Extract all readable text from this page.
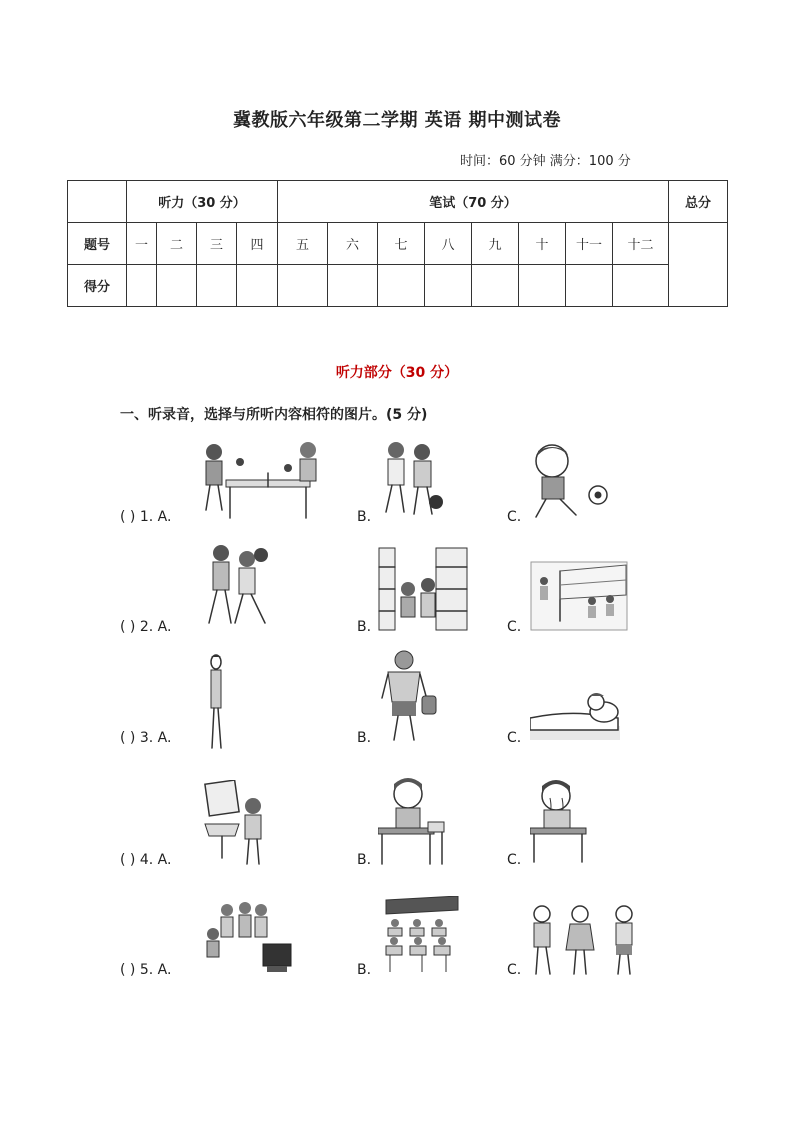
冀教版六年级第二学期 英语 期中测试卷
时间：60 分钟 满分：100 分
	听力（30 分）				笔试（70 分）								总分
题号	一	二	三	四	五	六	七	八	九	十	十一	十二	
得分													
听力部分（30 分）
一、听录音，选择与所听内容相符的图片。(5 分)
( ) 1. A.	B.	C.
( ) 2. A.	B.	C.
( ) 3. A.	B.	C.
( ) 4. A.	B.	C.
( ) 5. A.	B.	C.
